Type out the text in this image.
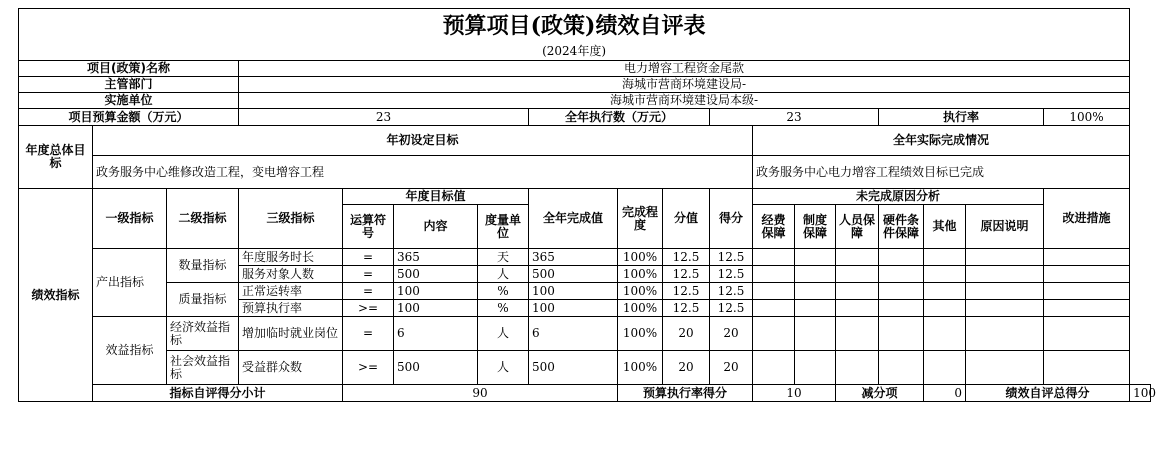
预算项目(政策)绩效自评表																		
(2024年度)																		
项目(政策)名称			电力增容工程资金尾款															
主管部门			海城市营商环境建设局-															
实施单位			海城市营商环境建设局本级-															
项目预算金额（万元）			23				全年执行数（万元）			23				执行率			100%	
年度总体目标	年初设定目标										全年实际完成情况							
	政务服务中心维修改造工程，变电增容工程										政务服务中心电力增容工程绩效目标已完成							
绩效指标	一级指标	二级指标	三级指标	年度目标值			全年完成值	完成程度	分值	得分	未完成原因分析						改进措施	
				运算符号	内容	度量单位					经费保障	制度保障	人员保障	硬件条件保障	其他	原因说明		

	产出指标	数量指标	年度服务时长	=	365	天	365	100%	12.5	12.5								
			服务对象人数	=	500	人	500	100%	12.5	12.5								
		质量指标	正常运转率	=	100	%	100	100%	12.5	12.5								
			预算执行率	>=	100	%	100	100%	12.5	12.5								
	效益指标	经济效益指标	增加临时就业岗位	=	6	人	6	100%	20	20								
		社会效益指标	受益群众数	>=	500	人	500	100%	20	20								
	指标自评得分小计			90				预算执行率得分			10		减分项		0	绩效自评总得分		100
